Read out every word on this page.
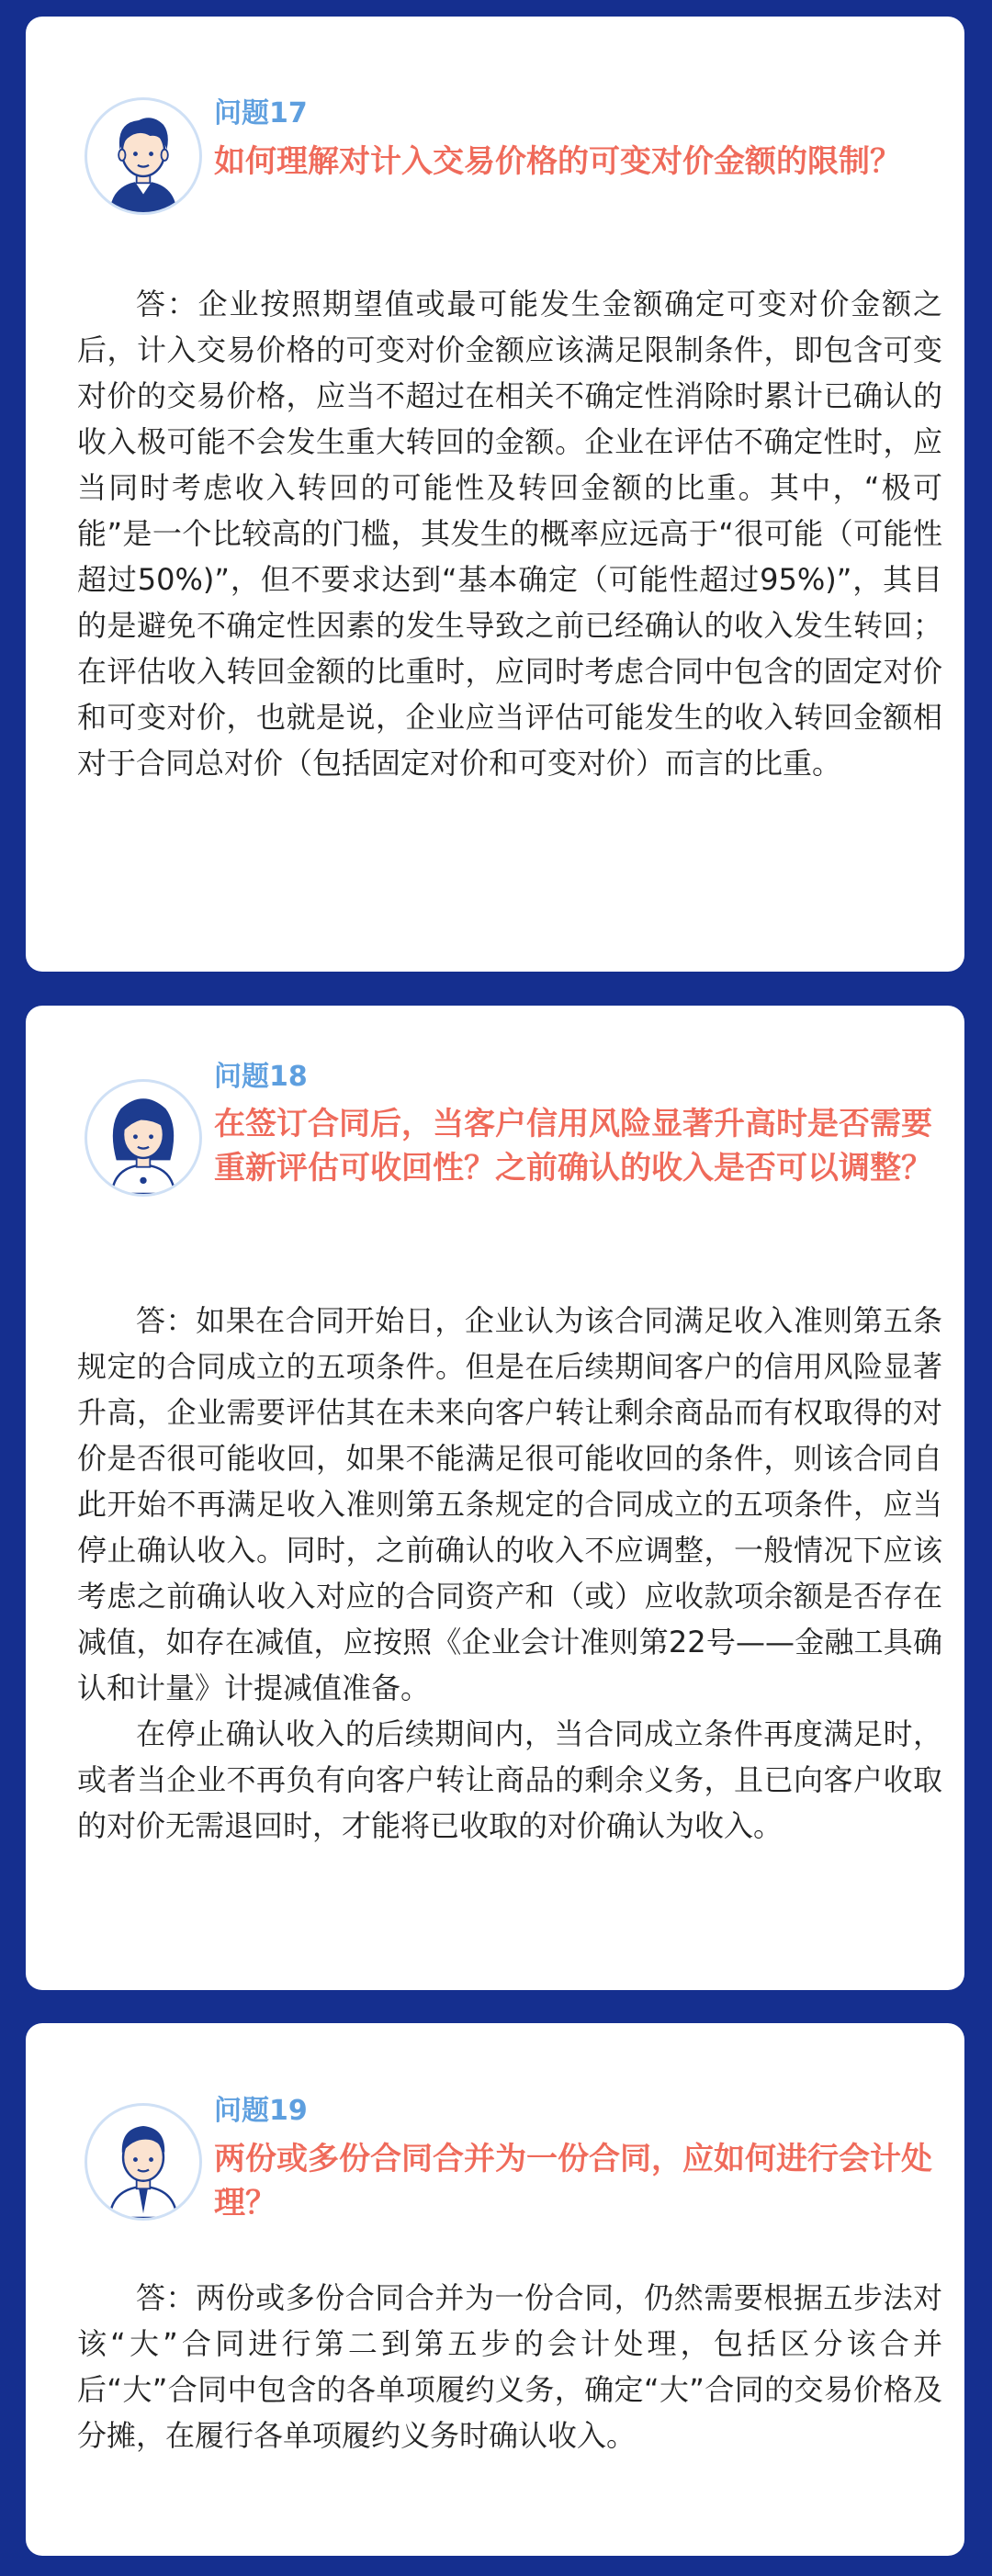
问题17
如何理解对计入交易价格的可变对价金额的限制？

答：企业按照期望值或最可能发生金额确定可变对价金额之后，计入交易价格的可变对价金额应该满足限制条件，即包含可变对价的交易价格，应当不超过在相关不确定性消除时累计已确认的收入极可能不会发生重大转回的金额。企业在评估不确定性时，应当同时考虑收入转回的可能性及转回金额的比重。其中，“极可能”是一个比较高的门槛，其发生的概率应远高于“很可能（可能性超过50%)”，但不要求达到“基本确定（可能性超过95%)”，其目的是避免不确定性因素的发生导致之前已经确认的收入发生转回；在评估收入转回金额的比重时，应同时考虑合同中包含的固定对价和可变对价，也就是说，企业应当评估可能发生的收入转回金额相对于合同总对价（包括固定对价和可变对价）而言的比重。

问题18
在签订合同后，当客户信用风险显著升高时是否需要重新评估可收回性？之前确认的收入是否可以调整？

答：如果在合同开始日，企业认为该合同满足收入准则第五条规定的合同成立的五项条件。但是在后续期间客户的信用风险显著升高，企业需要评估其在未来向客户转让剩余商品而有权取得的对价是否很可能收回，如果不能满足很可能收回的条件，则该合同自此开始不再满足收入准则第五条规定的合同成立的五项条件，应当停止确认收入。同时，之前确认的收入不应调整，一般情况下应该考虑之前确认收入对应的合同资产和（或）应收款项余额是否存在减值，如存在减值，应按照《企业会计准则第22号——金融工具确认和计量》计提减值准备。

在停止确认收入的后续期间内，当合同成立条件再度满足时，或者当企业不再负有向客户转让商品的剩余义务，且已向客户收取的对价无需退回时，才能将已收取的对价确认为收入。

问题19
两份或多份合同合并为一份合同，应如何进行会计处理？

答：两份或多份合同合并为一份合同，仍然需要根据五步法对该“大”合同进行第二到第五步的会计处理，包括区分该合并后“大”合同中包含的各单项履约义务，确定“大”合同的交易价格及分摊，在履行各单项履约义务时确认收入。
